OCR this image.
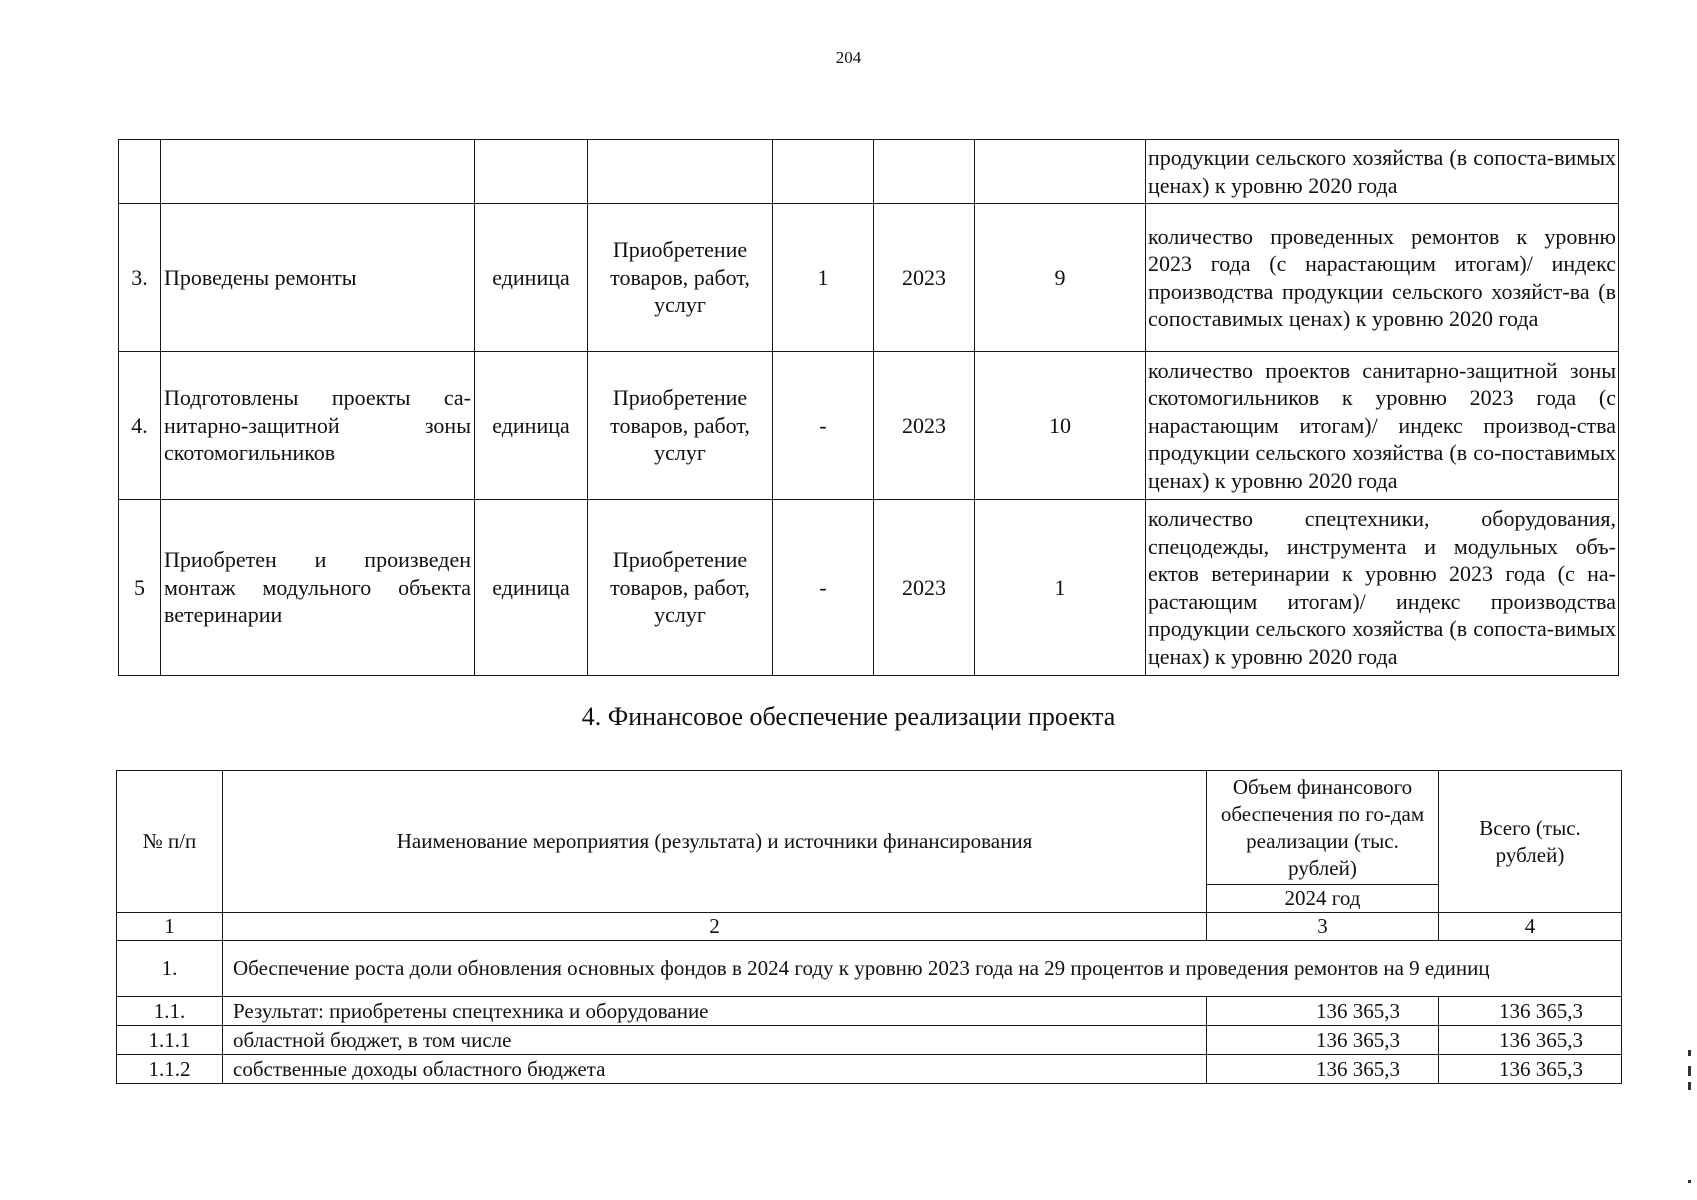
204
							продукции сельского хозяйства (в сопоста-вимых ценах) к уровню 2020 года
3.	Проведены ремонты	единица	Приобретение товаров, работ, услуг	1	2023	9	количество проведенных ремонтов к уровню 2023 года (с нарастающим итогам)/ индекс производства продукции сельского хозяйст-ва (в сопоставимых ценах) к уровню 2020 года
4.	Подготовлены проекты са-нитарно-защитной зоны скотомогильников	единица	Приобретение товаров, работ, услуг	-	2023	10	количество проектов санитарно-защитной зоны скотомогильников к уровню 2023 года (с нарастающим итогам)/ индекс производ-ства продукции сельского хозяйства (в со-поставимых ценах) к уровню 2020 года
5	Приобретен и произведен монтаж модульного объекта ветеринарии	единица	Приобретение товаров, работ, услуг	-	2023	1	количество спецтехники, оборудования, спецодежды, инструмента и модульных объ-ектов ветеринарии к уровню 2023 года (с на-растающим итогам)/ индекс производства продукции сельского хозяйства (в сопоста-вимых ценах) к уровню 2020 года
4. Финансовое обеспечение реализации проекта
№ п/п	Наименование мероприятия (результата) и источники финансирования	Объем финансового обеспечения по го-дам реализации (тыс. рублей)	Всего (тыс. рублей)
		2024 год	
1	2	3	4
1.	Обеспечение роста доли обновления основных фондов в 2024 году к уровню 2023 года на 29 процентов и проведения ремонтов на 9 единиц		
1.1.	Результат: приобретены спецтехника и оборудование	136 365,3	136 365,3
1.1.1	областной бюджет, в том числе	136 365,3	136 365,3
1.1.2	собственные доходы областного бюджета	136 365,3	136 365,3
